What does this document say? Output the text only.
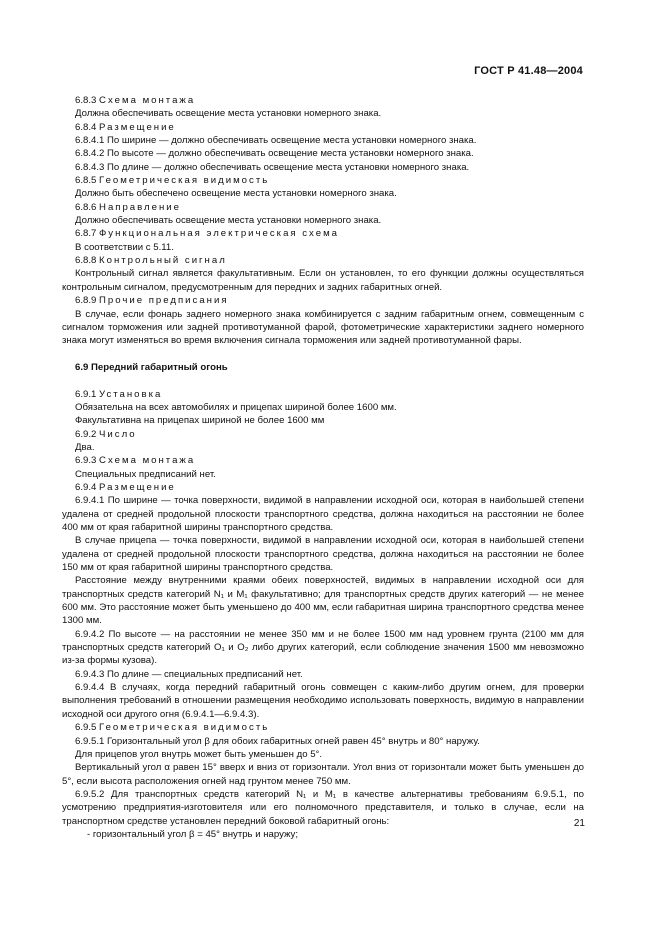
ГОСТ Р 41.48—2004

6.8.3 Схема монтажа

Должна обеспечивать освещение места установки номерного знака.

6.8.4 Размещение

6.8.4.1 По ширине — должно обеспечивать освещение места установки номерного знака.

6.8.4.2 По высоте — должно обеспечивать освещение места установки номерного знака.

6.8.4.3 По длине — должно обеспечивать освещение места установки номерного знака.

6.8.5 Геометрическая видимость

Должно быть обеспечено освещение места установки номерного знака.

6.8.6 Направление

Должно обеспечивать освещение места установки номерного знака.

6.8.7 Функциональная электрическая схема

В соответствии с 5.11.

6.8.8 Контрольный сигнал

Контрольный сигнал является факультативным. Если он установлен, то его функции должны осуществляться контрольным сигналом, предусмотренным для передних и задних габаритных огней.

6.8.9 Прочие предписания

В случае, если фонарь заднего номерного знака комбинируется с задним габаритным огнем, совмещенным с сигналом торможения или задней противотуманной фарой, фотометрические характеристики заднего номерного знака могут изменяться во время включения сигнала торможения или задней противотуманной фары.

6.9 Передний габаритный огонь

6.9.1 Установка

Обязательна на всех автомобилях и прицепах шириной более 1600 мм.

Факультативна на прицепах шириной не более 1600 мм

6.9.2 Число

Два.

6.9.3 Схема монтажа

Специальных предписаний нет.

6.9.4 Размещение

6.9.4.1 По ширине — точка поверхности, видимой в направлении исходной оси, которая в наибольшей степени удалена от средней продольной плоскости транспортного средства, должна находиться на расстоянии не более 400 мм от края габаритной ширины транспортного средства.

В случае прицепа — точка поверхности, видимой в направлении исходной оси, которая в наибольшей степени удалена от средней продольной плоскости транспортного средства, должна находиться на расстоянии не более 150 мм от края габаритной ширины транспортного средства.

Расстояние между внутренними краями обеих поверхностей, видимых в направлении исходной оси для транспортных средств категорий N₁ и M₁ факультативно; для транспортных средств других категорий — не менее 600 мм. Это расстояние может быть уменьшено до 400 мм, если габаритная ширина транспортного средства менее 1300 мм.

6.9.4.2 По высоте — на расстоянии не менее 350 мм и не более 1500 мм над уровнем грунта (2100 мм для транспортных средств категорий O₁ и O₂ либо других категорий, если соблюдение значения 1500 мм невозможно из-за формы кузова).

6.9.4.3 По длине — специальных предписаний нет.

6.9.4.4 В случаях, когда передний габаритный огонь совмещен с каким-либо другим огнем, для проверки выполнения требований в отношении размещения необходимо использовать поверхность, видимую в направлении исходной оси другого огня (6.9.4.1—6.9.4.3).

6.9.5 Геометрическая видимость

6.9.5.1 Горизонтальный угол β для обоих габаритных огней равен 45° внутрь и 80° наружу.

Для прицепов угол внутрь может быть уменьшен до 5°.

Вертикальный угол α равен 15° вверх и вниз от горизонтали. Угол вниз от горизонтали может быть уменьшен до 5°, если высота расположения огней над грунтом менее 750 мм.

6.9.5.2 Для транспортных средств категорий N₁ и M₁ в качестве альтернативы требованиям 6.9.5.1, по усмотрению предприятия-изготовителя или его полномочного представителя, и только в случае, если на транспортном средстве установлен передний боковой габаритный огонь:

- горизонтальный угол β = 45° внутрь и наружу;

21
